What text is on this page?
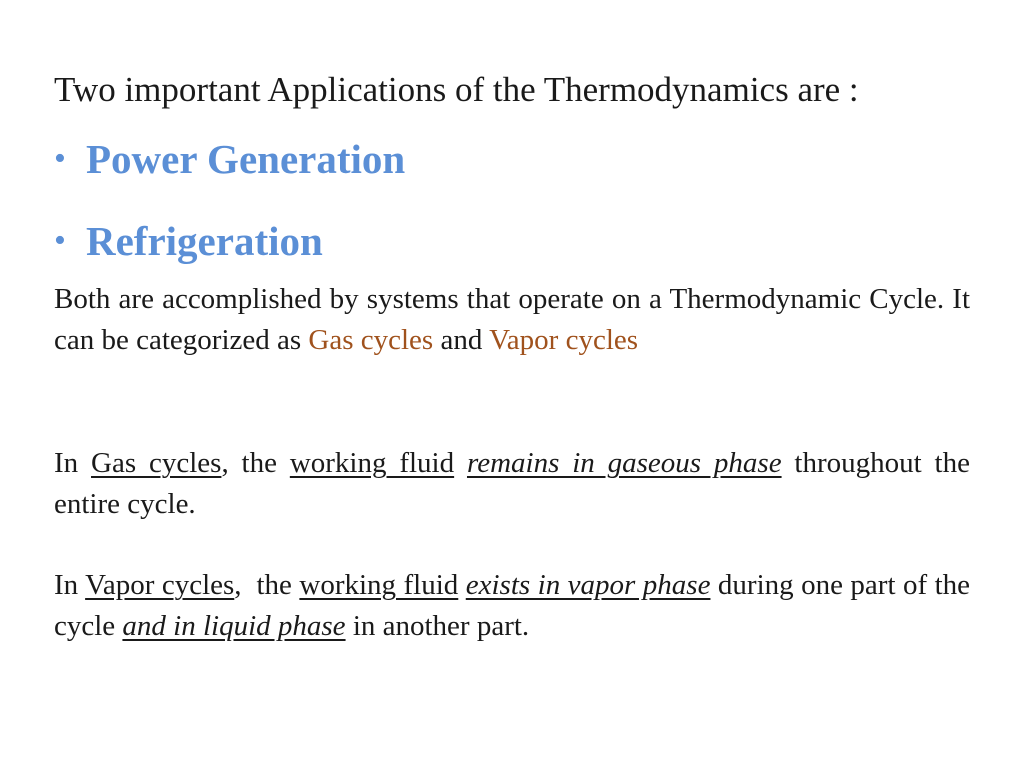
Two important Applications of the Thermodynamics are :
• Power Generation
• Refrigeration
Both are accomplished by systems that operate on a Thermodynamic Cycle. It can be categorized as Gas cycles and Vapor cycles
In Gas cycles, the working fluid remains in gaseous phase throughout the entire cycle.
In Vapor cycles,  the working fluid exists in vapor phase during one part of the cycle and in liquid phase in another part.
